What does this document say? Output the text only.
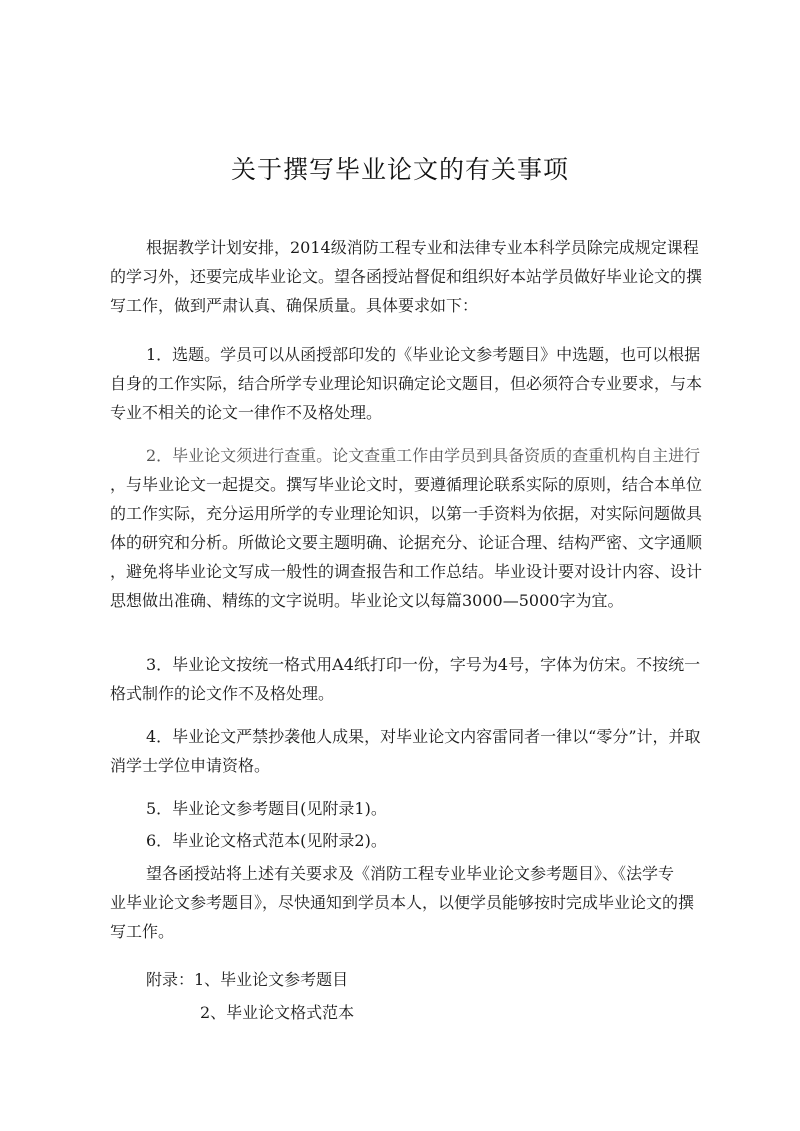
关于撰写毕业论文的有关事项

根据教学计划安排，2014级消防工程专业和法律专业本科学员除完成规定课程

的学习外，还要完成毕业论文。望各函授站督促和组织好本站学员做好毕业论文的撰

写工作，做到严肃认真、确保质量。具体要求如下：

1．选题。学员可以从函授部印发的《毕业论文参考题目》中选题，也可以根据

自身的工作实际，结合所学专业理论知识确定论文题目，但必须符合专业要求，与本

专业不相关的论文一律作不及格处理。

2．毕业论文须进行查重。论文查重工作由学员到具备资质的查重机构自主进行

，与毕业论文一起提交。撰写毕业论文时，要遵循理论联系实际的原则，结合本单位

的工作实际，充分运用所学的专业理论知识，以第一手资料为依据，对实际问题做具

体的研究和分析。所做论文要主题明确、论据充分、论证合理、结构严密、文字通顺

，避免将毕业论文写成一般性的调查报告和工作总结。毕业设计要对设计内容、设计

思想做出准确、精练的文字说明。毕业论文以每篇3000—5000字为宜。

3．毕业论文按统一格式用A4纸打印一份，字号为4号，字体为仿宋。不按统一

格式制作的论文作不及格处理。

4．毕业论文严禁抄袭他人成果，对毕业论文内容雷同者一律以“零分”计，并取

消学士学位申请资格。

5．毕业论文参考题目(见附录1)。

6．毕业论文格式范本(见附录2)。

望各函授站将上述有关要求及《消防工程专业毕业论文参考题目》、《法学专

业毕业论文参考题目》，尽快通知到学员本人，以便学员能够按时完成毕业论文的撰

写工作。

附录：1、毕业论文参考题目

2、毕业论文格式范本
